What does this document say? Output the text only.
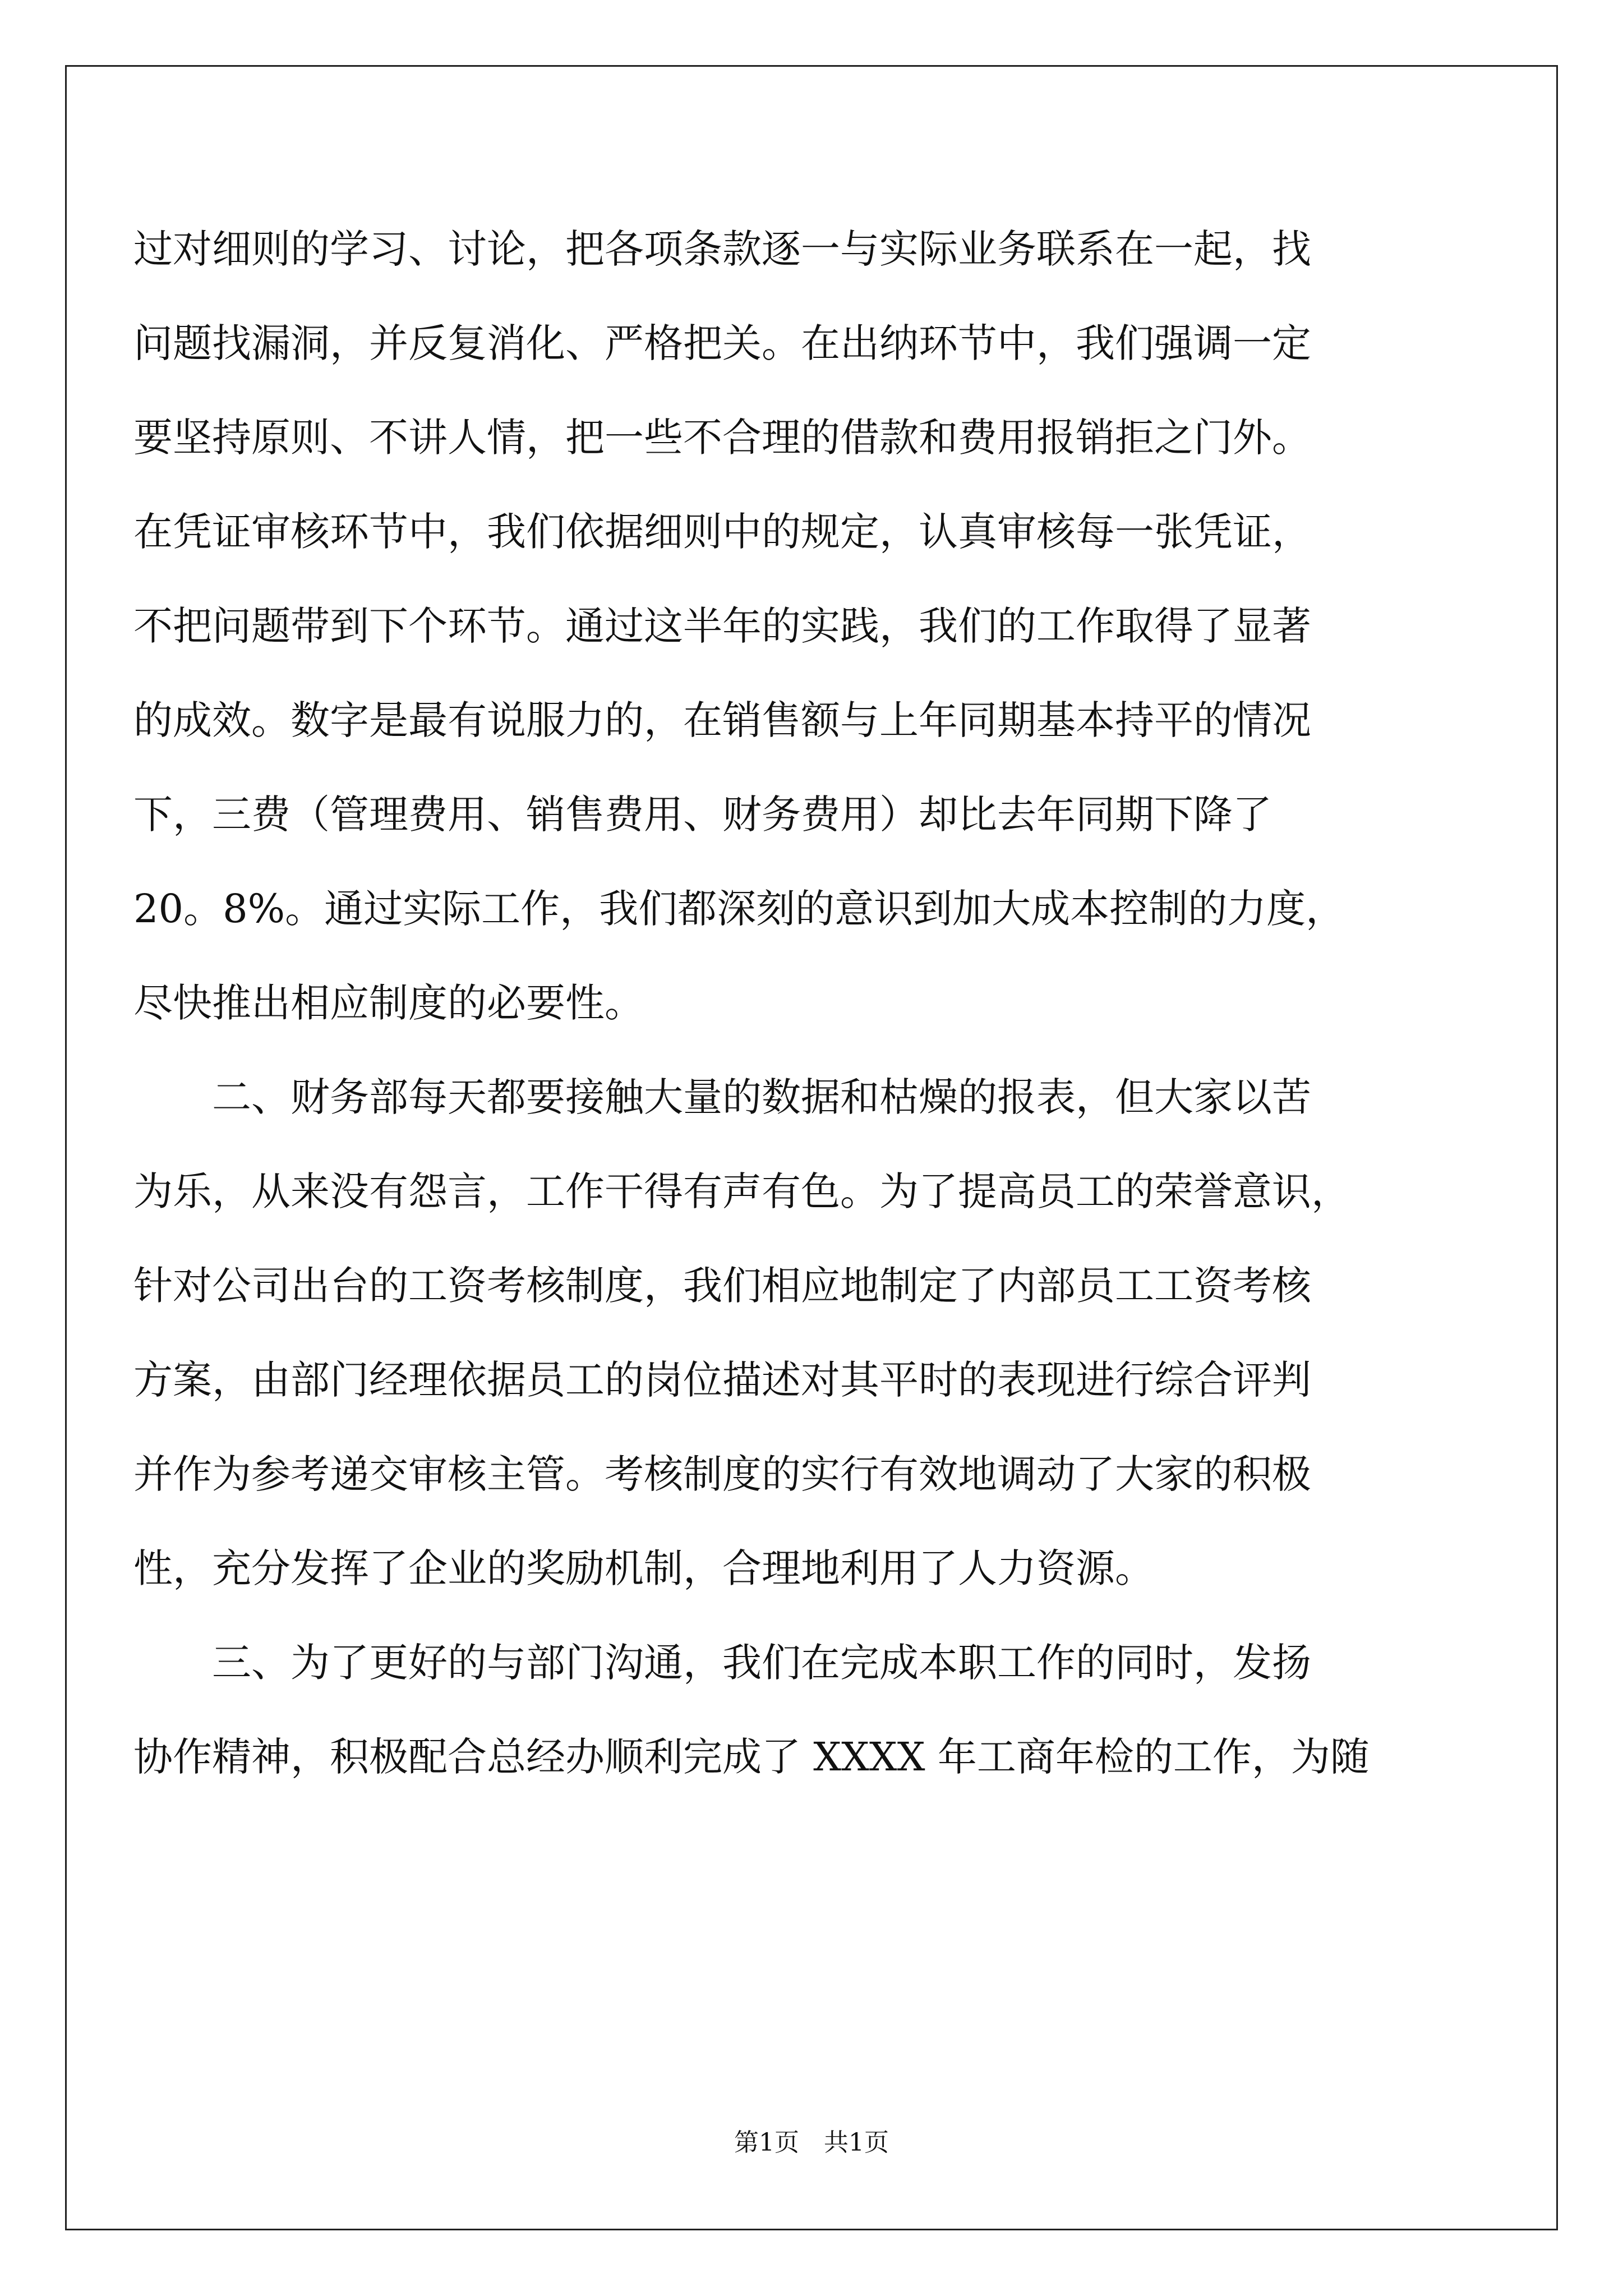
过对细则的学习、讨论，把各项条款逐一与实际业务联系在一起，找
问题找漏洞，并反复消化、严格把关。在出纳环节中，我们强调一定
要坚持原则、不讲人情，把一些不合理的借款和费用报销拒之门外。
在凭证审核环节中，我们依据细则中的规定，认真审核每一张凭证，
不把问题带到下个环节。通过这半年的实践，我们的工作取得了显著
的成效。数字是最有说服力的，在销售额与上年同期基本持平的情况
下，三费（管理费用、销售费用、财务费用）却比去年同期下降了
20。8%。通过实际工作，我们都深刻的意识到加大成本控制的力度，
尽快推出相应制度的必要性。
　　二、财务部每天都要接触大量的数据和枯燥的报表，但大家以苦
为乐，从来没有怨言，工作干得有声有色。为了提高员工的荣誉意识，
针对公司出台的工资考核制度，我们相应地制定了内部员工工资考核
方案，由部门经理依据员工的岗位描述对其平时的表现进行综合评判
并作为参考递交审核主管。考核制度的实行有效地调动了大家的积极
性，充分发挥了企业的奖励机制，合理地利用了人力资源。
　　三、为了更好的与部门沟通，我们在完成本职工作的同时，发扬
协作精神，积极配合总经办顺利完成了 XXXX 年工商年检的工作，为随
第1页　共1页
